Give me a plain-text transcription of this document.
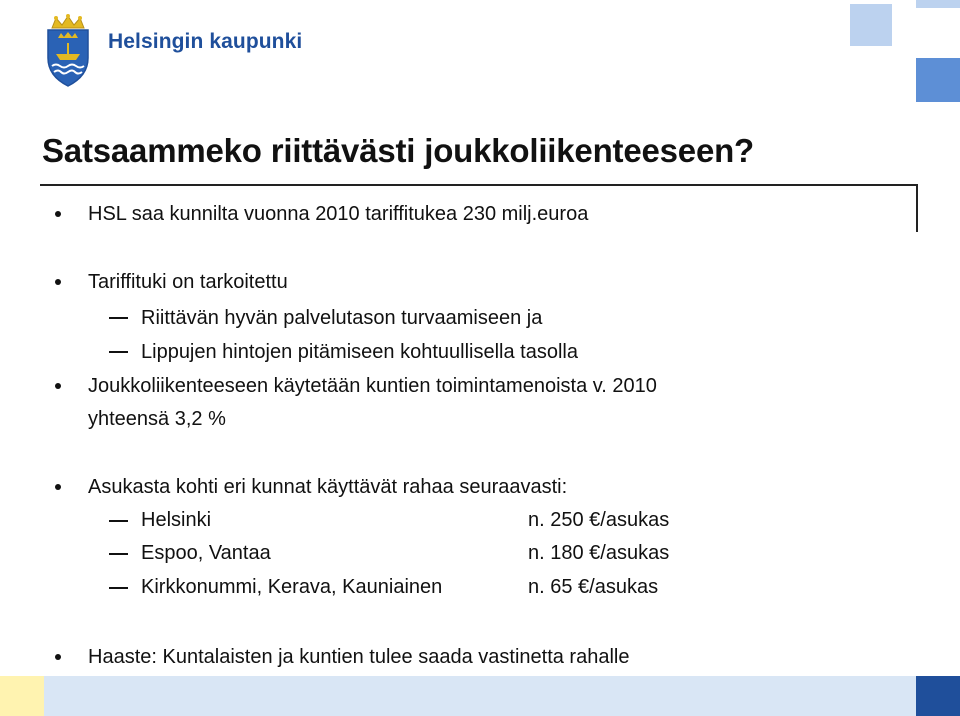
Helsingin kaupunki
Satsaammeko riittävästi joukkoliikenteeseen?
HSL saa kunnilta vuonna 2010 tariffitukea 230 milj.euroa
Tariffituki on tarkoitettu
Riittävän hyvän palvelutason turvaamiseen ja
Lippujen hintojen pitämiseen kohtuullisella tasolla
Joukkoliikenteeseen käytetään kuntien toimintamenoista v. 2010
yhteensä 3,2 %
Asukasta kohti eri kunnat käyttävät rahaa seuraavasti:
Helsinki	n. 250 €/asukas
Espoo, Vantaa	n. 180 €/asukas
Kirkkonummi, Kerava, Kauniainen	n. 65 €/asukas
Haaste: Kuntalaisten ja kuntien tulee saada vastinetta rahalle
